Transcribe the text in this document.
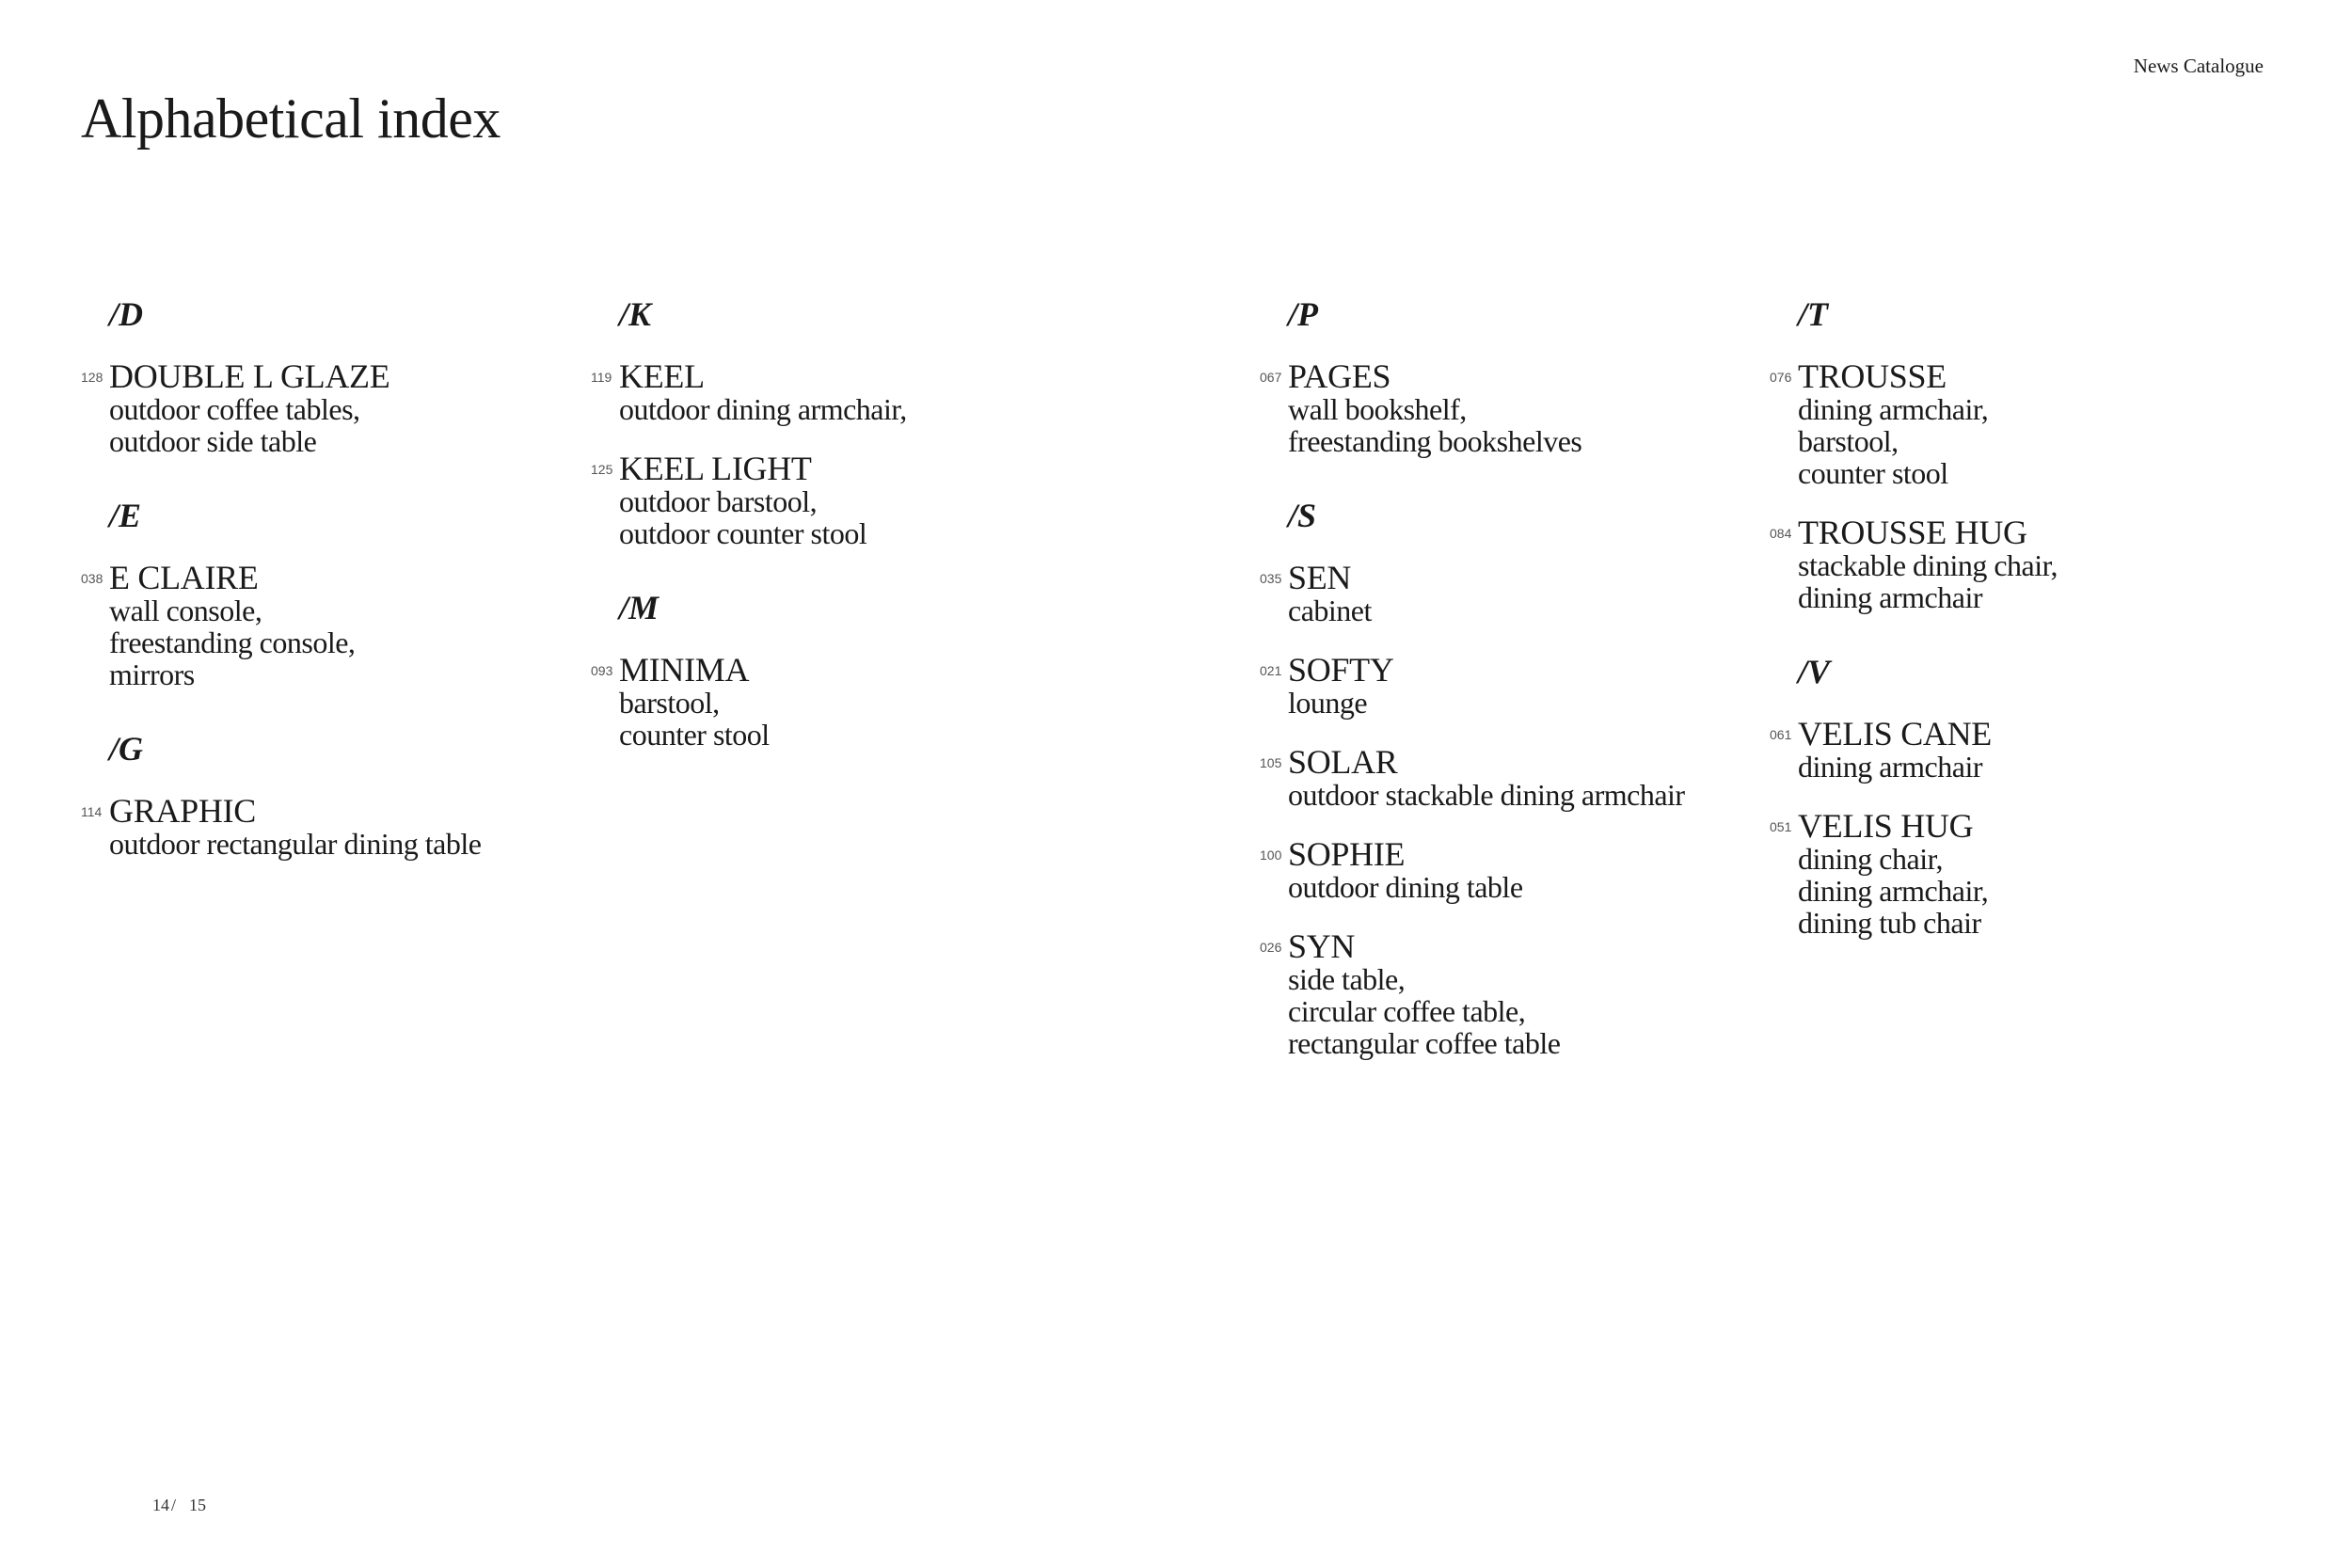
Alphabetical index
News Catalogue
/D
128 DOUBLE L GLAZE
outdoor coffee tables,
outdoor side table
/E
038 E CLAIRE
wall console,
freestanding console,
mirrors
/G
114 GRAPHIC
outdoor rectangular dining table
/K
119 KEEL
outdoor dining armchair,
125 KEEL LIGHT
outdoor barstool,
outdoor counter stool
/M
093 MINIMA
barstool,
counter stool
/P
067 PAGES
wall bookshelf,
freestanding bookshelves
/S
035 SEN
cabinet
021 SOFTY
lounge
105 SOLAR
outdoor stackable dining armchair
100 SOPHIE
outdoor dining table
026 SYN
side table,
circular coffee table,
rectangular coffee table
/T
076 TROUSSE
dining armchair,
barstool,
counter stool
084 TROUSSE HUG
stackable dining chair,
dining armchair
/V
061 VELIS CANE
dining armchair
051 VELIS HUG
dining chair,
dining armchair,
dining tub chair
14 / 15
